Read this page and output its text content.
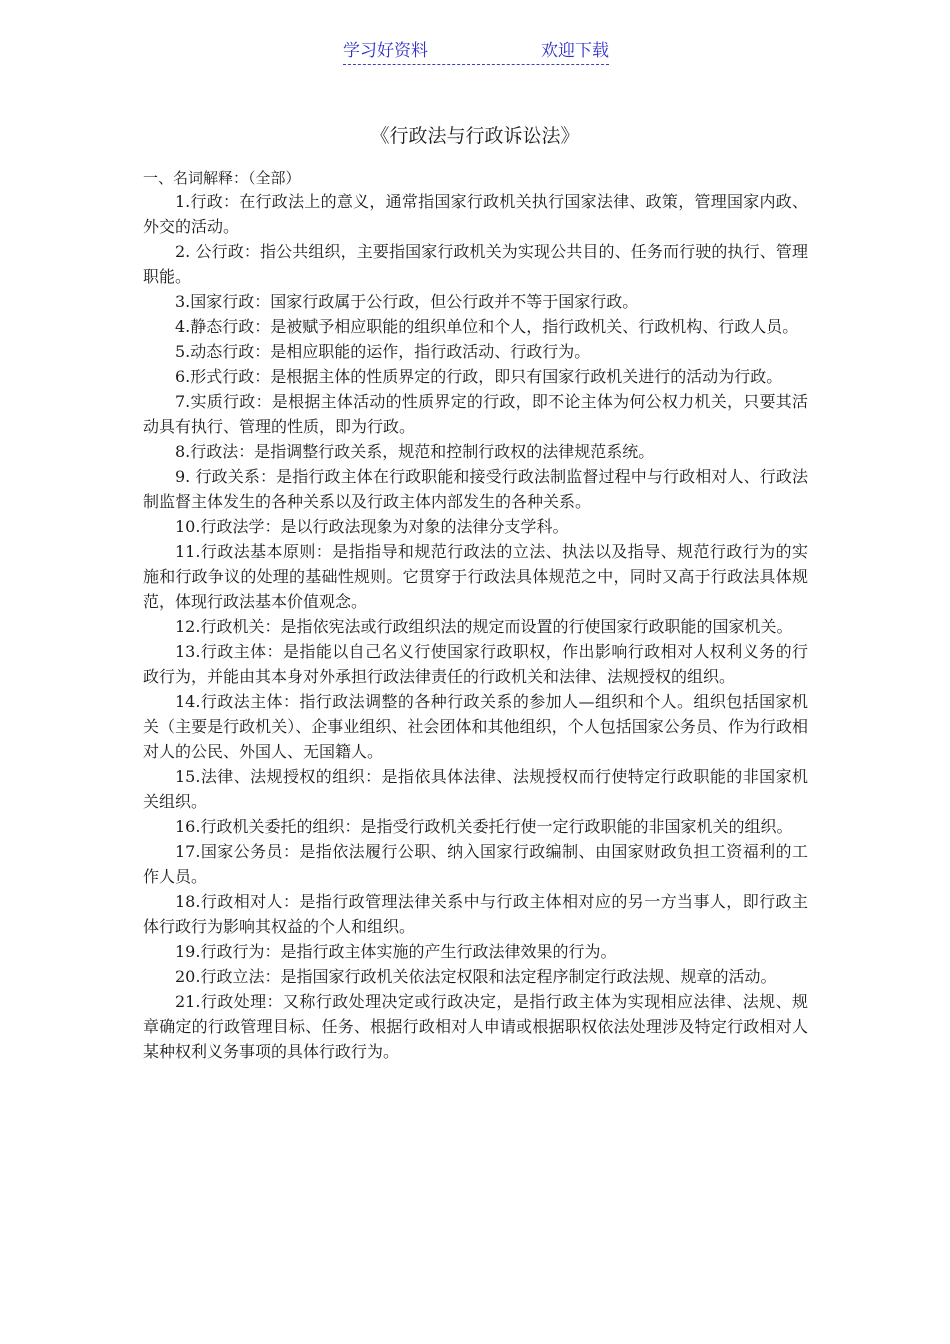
学习好资料	欢迎下载
《行政法与行政诉讼法》

一、名词解释：（全部）

1.行政：在行政法上的意义，通常指国家行政机关执行国家法律、政策，管理国家内政、外交的活动。

2. 公行政：指公共组织，主要指国家行政机关为实现公共目的、任务而行驶的执行、管理职能。

3.国家行政：国家行政属于公行政，但公行政并不等于国家行政。

4.静态行政：是被赋予相应职能的组织单位和个人，指行政机关、行政机构、行政人员。

5.动态行政：是相应职能的运作，指行政活动、行政行为。

6.形式行政：是根据主体的性质界定的行政，即只有国家行政机关进行的活动为行政。

7.实质行政：是根据主体活动的性质界定的行政，即不论主体为何公权力机关，只要其活动具有执行、管理的性质，即为行政。

8.行政法：是指调整行政关系，规范和控制行政权的法律规范系统。

9. 行政关系：是指行政主体在行政职能和接受行政法制监督过程中与行政相对人、行政法制监督主体发生的各种关系以及行政主体内部发生的各种关系。

10.行政法学：是以行政法现象为对象的法律分支学科。

11.行政法基本原则：是指指导和规范行政法的立法、执法以及指导、规范行政行为的实施和行政争议的处理的基础性规则。它贯穿于行政法具体规范之中，同时又高于行政法具体规范，体现行政法基本价值观念。

12.行政机关：是指依宪法或行政组织法的规定而设置的行使国家行政职能的国家机关。

13.行政主体：是指能以自己名义行使国家行政职权，作出影响行政相对人权利义务的行政行为，并能由其本身对外承担行政法律责任的行政机关和法律、法规授权的组织。

14.行政法主体：指行政法调整的各种行政关系的参加人—组织和个人。组织包括国家机关（主要是行政机关）、企事业组织、社会团体和其他组织，个人包括国家公务员、作为行政相对人的公民、外国人、无国籍人。

15.法律、法规授权的组织：是指依具体法律、法规授权而行使特定行政职能的非国家机关组织。

16.行政机关委托的组织：是指受行政机关委托行使一定行政职能的非国家机关的组织。

17.国家公务员：是指依法履行公职、纳入国家行政编制、由国家财政负担工资福利的工作人员。

18.行政相对人：是指行政管理法律关系中与行政主体相对应的另一方当事人，即行政主体行政行为影响其权益的个人和组织。

19.行政行为：是指行政主体实施的产生行政法律效果的行为。

20.行政立法：是指国家行政机关依法定权限和法定程序制定行政法规、规章的活动。

21.行政处理：又称行政处理决定或行政决定，是指行政主体为实现相应法律、法规、规章确定的行政管理目标、任务、根据行政相对人申请或根据职权依法处理涉及特定行政相对人某种权利义务事项的具体行政行为。
